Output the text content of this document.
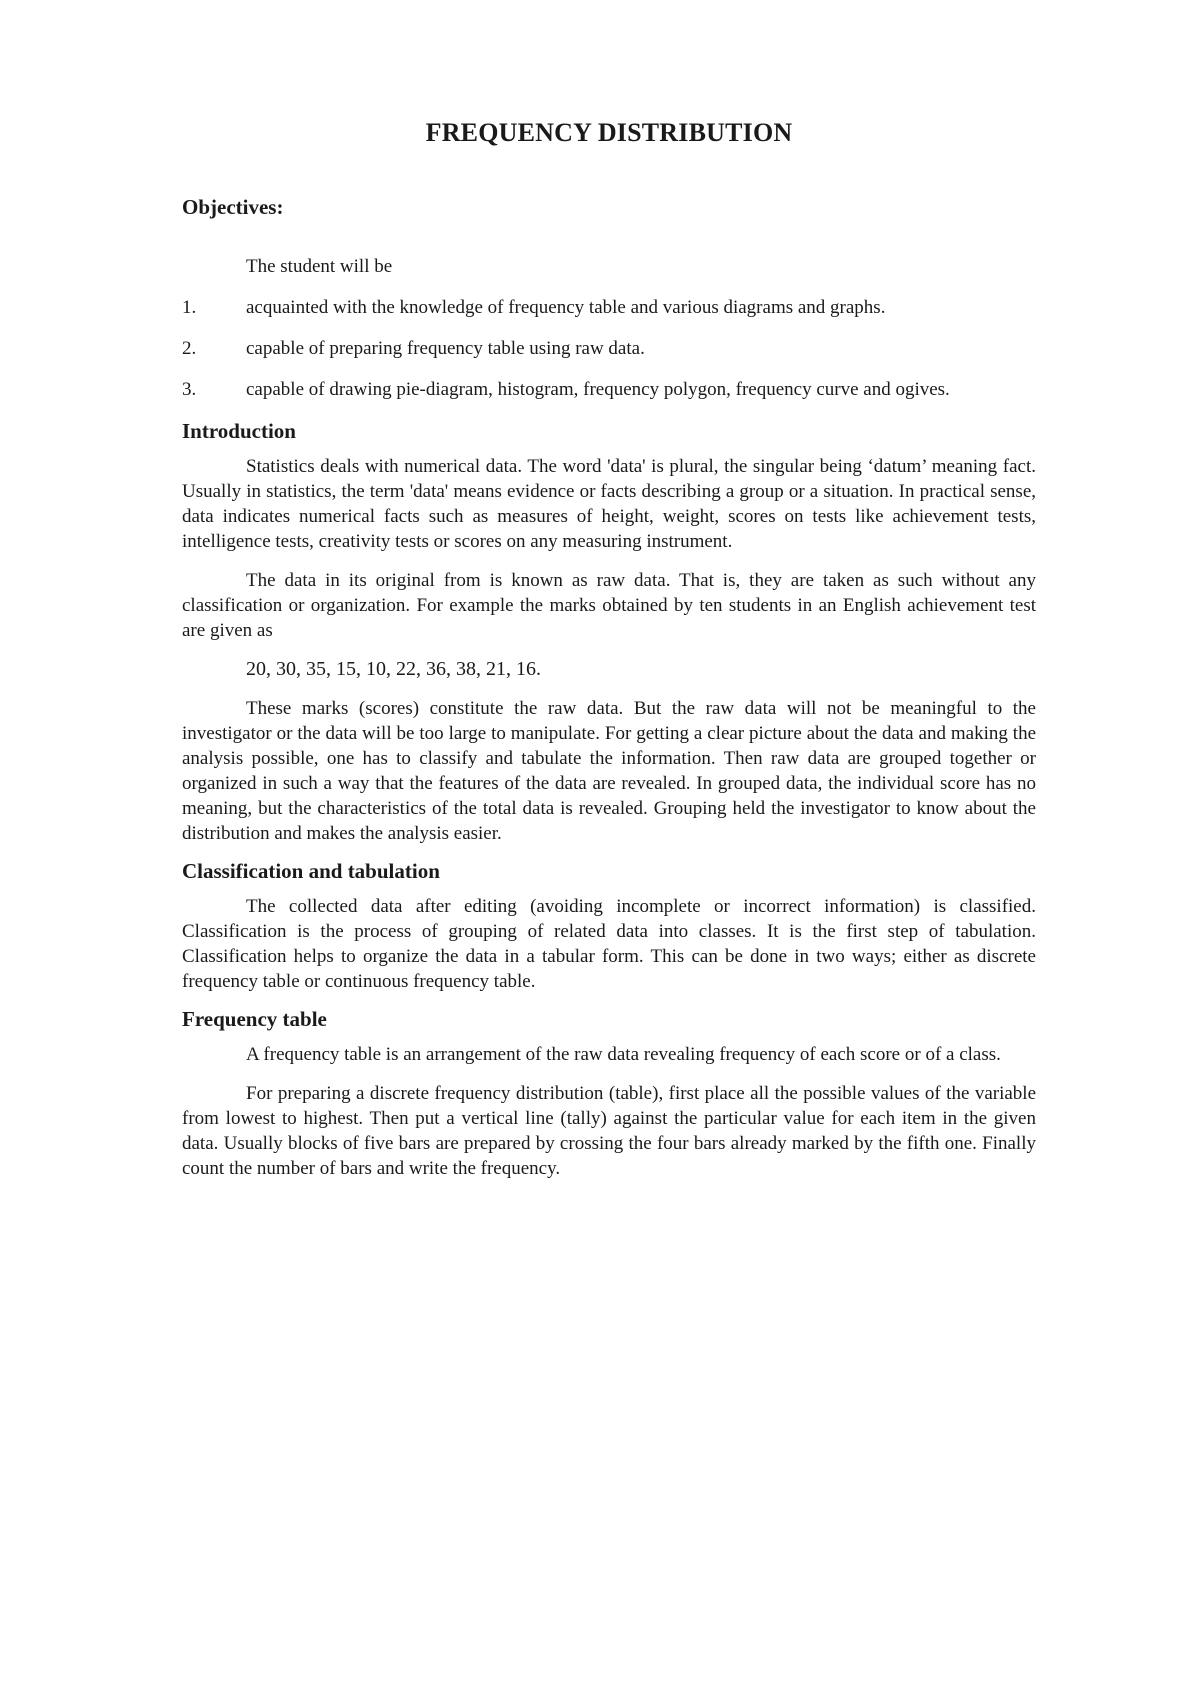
FREQUENCY DISTRIBUTION
Objectives:
The student will be
1.	acquainted with the knowledge of frequency table and various diagrams and graphs.
2.	capable of preparing frequency table using raw data.
3.	capable of drawing pie-diagram, histogram, frequency polygon, frequency curve and ogives.
Introduction

Statistics deals with numerical data. The word 'data' is plural, the singular being ‘datum’ meaning fact. Usually in statistics, the term 'data' means evidence or facts describing a group or a situation. In practical sense, data indicates numerical facts such as measures of height, weight, scores on tests like achievement tests, intelligence tests, creativity tests or scores on any measuring instrument.

The data in its original from is known as raw data. That is, they are taken as such without any classification or organization. For example the marks obtained by ten students in an English achievement test are given as

20, 30, 35, 15, 10, 22, 36, 38, 21, 16.

These marks (scores) constitute the raw data. But the raw data will not be meaningful to the investigator or the data will be too large to manipulate. For getting a clear picture about the data and making the analysis possible, one has to classify and tabulate the information. Then raw data are grouped together or organized in such a way that the features of the data are revealed. In grouped data, the individual score has no meaning, but the characteristics of the total data is revealed. Grouping held the investigator to know about the distribution and makes the analysis easier.

Classification and tabulation

The collected data after editing (avoiding incomplete or incorrect information) is classified. Classification is the process of grouping of related data into classes. It is the first step of tabulation. Classification helps to organize the data in a tabular form. This can be done in two ways; either as discrete frequency table or continuous frequency table.

Frequency table

A frequency table is an arrangement of the raw data revealing frequency of each score or of a class.

For preparing a discrete frequency distribution (table), first place all the possible values of the variable from lowest to highest. Then put a vertical line (tally) against the particular value for each item in the given data. Usually blocks of five bars are prepared by crossing the four bars already marked by the fifth one. Finally count the number of bars and write the frequency.
